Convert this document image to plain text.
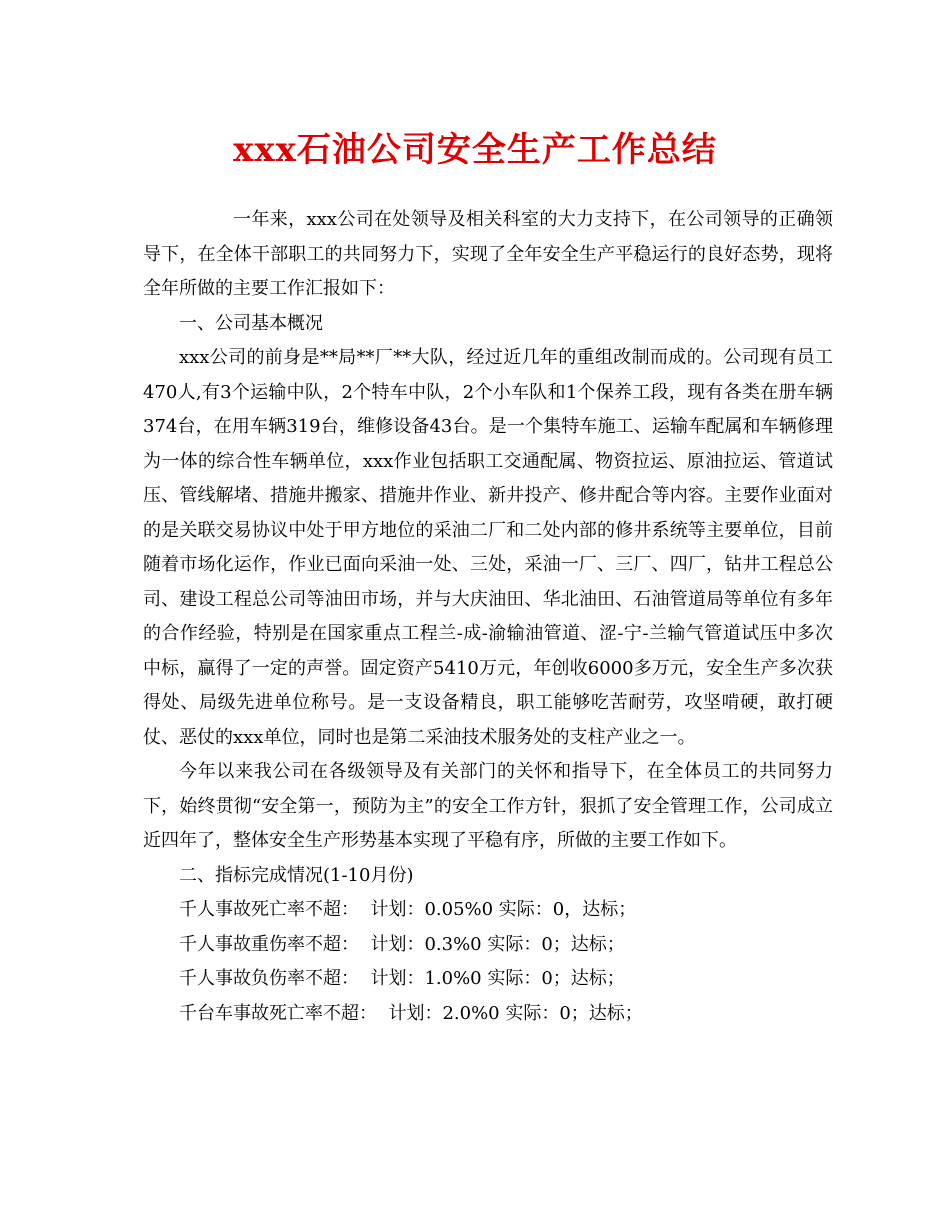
xxx石油公司安全生产工作总结

一年来，xxx公司在处领导及相关科室的大力支持下，在公司领导的正确领导下，在全体干部职工的共同努力下，实现了全年安全生产平稳运行的良好态势，现将全年所做的主要工作汇报如下：

一、公司基本概况

xxx公司的前身是**局**厂**大队，经过近几年的重组改制而成的。公司现有员工470人,有3个运输中队，2个特车中队，2个小车队和1个保养工段，现有各类在册车辆374台，在用车辆319台，维修设备43台。是一个集特车施工、运输车配属和车辆修理为一体的综合性车辆单位，xxx作业包括职工交通配属、物资拉运、原油拉运、管道试压、管线解堵、措施井搬家、措施井作业、新井投产、修井配合等内容。主要作业面对的是关联交易协议中处于甲方地位的采油二厂和二处内部的修井系统等主要单位，目前随着市场化运作，作业已面向采油一处、三处，采油一厂、三厂、四厂，钻井工程总公司、建设工程总公司等油田市场，并与大庆油田、华北油田、石油管道局等单位有多年的合作经验，特别是在国家重点工程兰-成-渝输油管道、涩-宁-兰输气管道试压中多次中标，赢得了一定的声誉。固定资产5410万元，年创收6000多万元，安全生产多次获得处、局级先进单位称号。是一支设备精良，职工能够吃苦耐劳，攻坚啃硬，敢打硬仗、恶仗的xxx单位，同时也是第二采油技术服务处的支柱产业之一。

今年以来我公司在各级领导及有关部门的关怀和指导下，在全体员工的共同努力下，始终贯彻“安全第一，预防为主”的安全工作方针，狠抓了安全管理工作，公司成立近四年了，整体安全生产形势基本实现了平稳有序，所做的主要工作如下。

二、指标完成情况(1-10月份)

千人事故死亡率不超：  计划：0.05%0 实际：0，达标；

千人事故重伤率不超：  计划：0.3%0 实际：0；达标；

千人事故负伤率不超：  计划：1.0%0 实际：0；达标；

千台车事故死亡率不超：  计划：2.0%0 实际：0；达标；
